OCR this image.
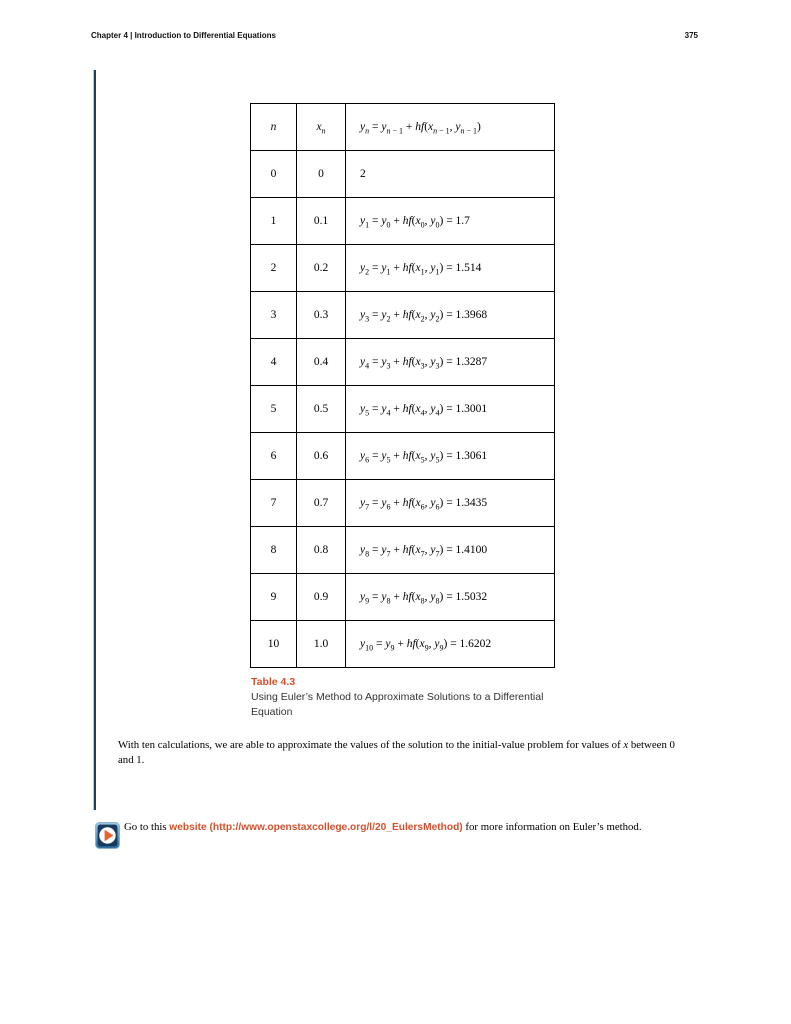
Chapter 4 | Introduction to Differential Equations	375
n	$x_n$	$y_n = y_{n - 1} + hf(x_{n - 1}$, $y_{n - 1}$)
0	0	2
1	0.1	$y_1 = y_0 + hf(x_0$, $y_0) = 1.7$
2	0.2	$y_2 = y_1 + hf(x_1$, $y_1) = 1.514$
3	0.3	$y_3 = y_2 + hf(x_2$, $y_2) = 1.3968$
4	0.4	$y_4 = y_3 + hf(x_3$, $y_3) = 1.3287$
5	0.5	$y_5 = y_4 + hf(x_4$, $y_4) = 1.3001$
6	0.6	$y_6 = y_5 + hf(x_5$, $y_5) = 1.3061$
7	0.7	$y_7 = y_6 + hf(x_6$, $y_6) = 1.3435$
8	0.8	$y_8 = y_7 + hf(x_7$, $y_7) = 1.4100$
9	0.9	$y_9 = y_8 + hf(x_8$, $y_8) = 1.5032$
10	1.0	$y_{10} = y_9 + hf(x_9$, $y_9) = 1.6202$
Table 4.3
Using Euler’s Method to Approximate Solutions to a Differential Equation
With ten calculations, we are able to approximate the values of the solution to the initial-value problem for values of x between 0 and 1.
Go to this website (http://www.openstaxcollege.org/l/20_EulersMethod) for more information on Euler’s method.
